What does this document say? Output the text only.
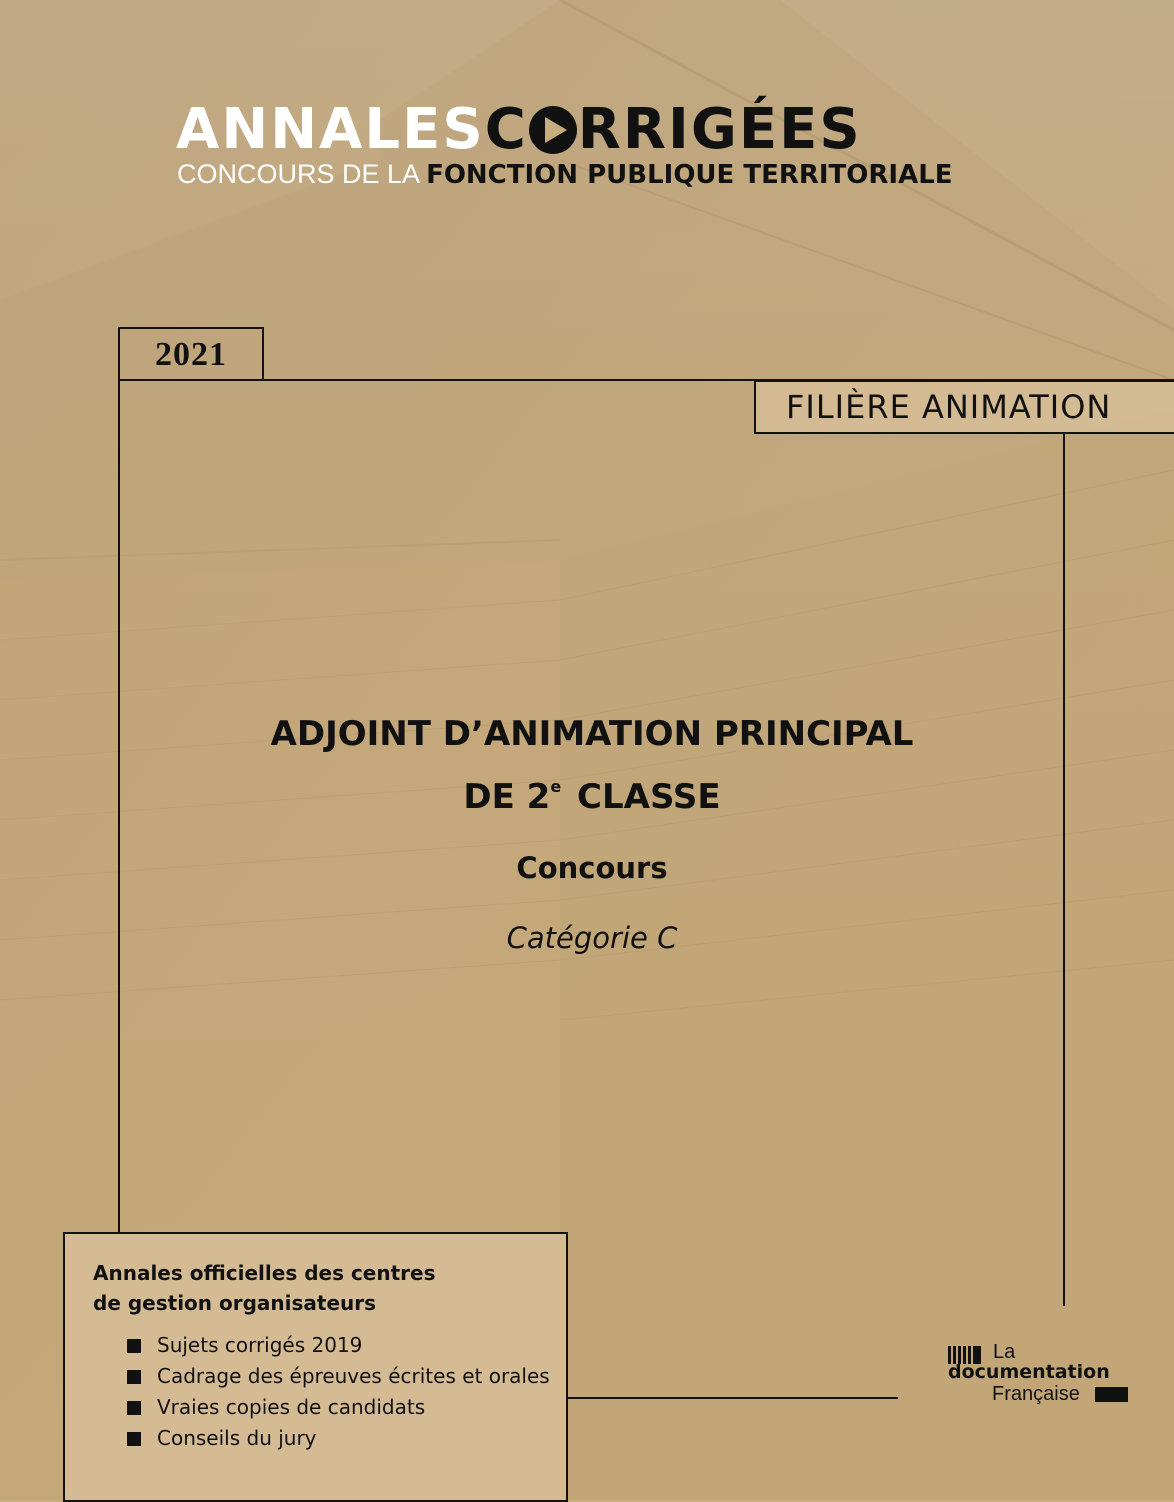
ANNALESC RRIGÉES
CONCOURS DE LA FONCTION PUBLIQUE TERRITORIALE
2021
FILIÈRE ANIMATION
ADJOINT D’ANIMATION PRINCIPAL
DE 2e CLASSE
Concours
Catégorie C
Annales officielles des centres
de gestion organisateurs
Sujets corrigés 2019
Cadrage des épreuves écrites et orales
Vraies copies de candidats
Conseils du jury
La
documentation
Française
